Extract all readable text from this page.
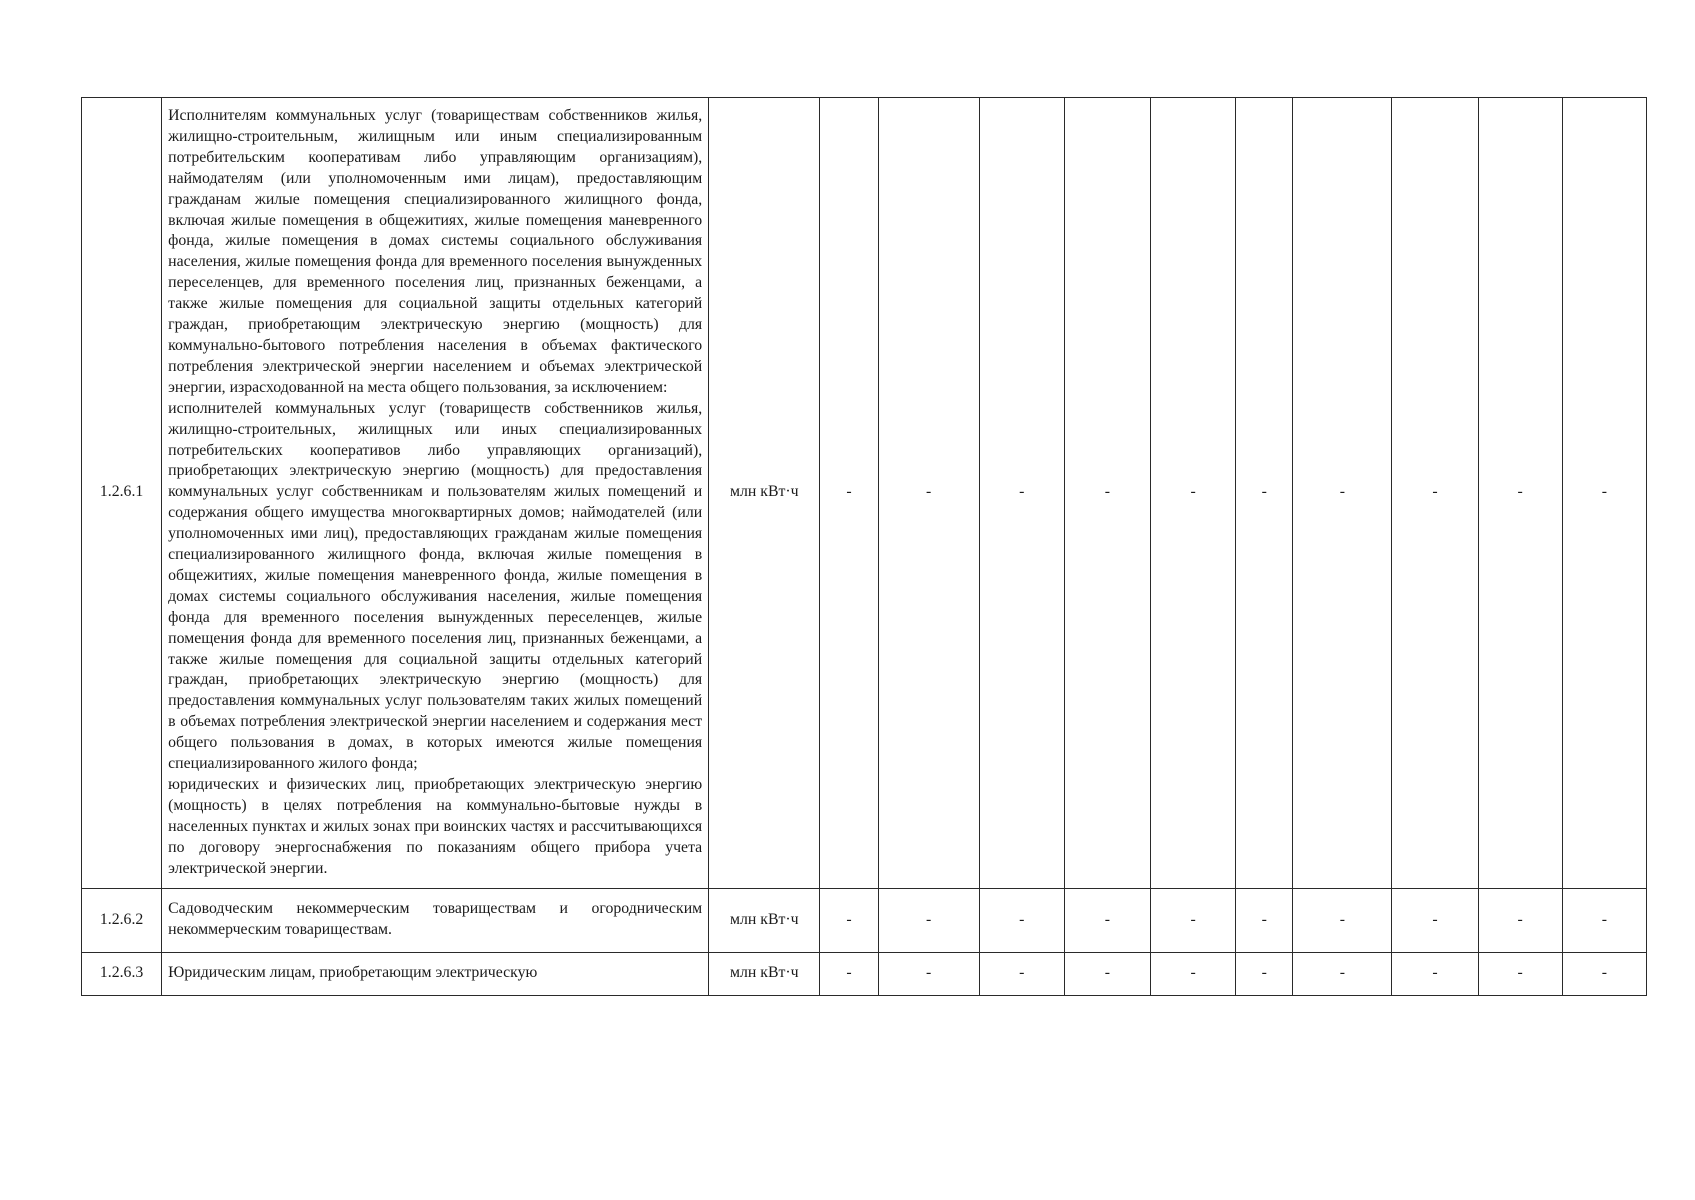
1.2.6.1	Исполнителям коммунальных услуг (товариществам собственников жилья, жилищно-строительным, жилищным или иным специализированным потребительским кооперативам либо управляющим организациям), наймодателям (или уполномоченным ими лицам), предоставляющим гражданам жилые помещения специализированного жилищного фонда, включая жилые помещения в общежитиях, жилые помещения маневренного фонда, жилые помещения в домах системы социального обслуживания населения, жилые помещения фонда для временного поселения вынужденных переселенцев, для временного поселения лиц, признанных беженцами, а также жилые помещения для социальной защиты отдельных категорий граждан, приобретающим электрическую энергию (мощность) для коммунально-бытового потребления населения в объемах фактического потребления электрической энергии населением и объемах электрической энергии, израсходованной на места общего пользования, за исключением:

исполнителей коммунальных услуг (товариществ собственников жилья, жилищно-строительных, жилищных или иных специализированных потребительских кооперативов либо управляющих организаций), приобретающих электрическую энергию (мощность) для предоставления коммунальных услуг собственникам и пользователям жилых помещений и содержания общего имущества многоквартирных домов; наймодателей (или уполномоченных ими лиц), предоставляющих гражданам жилые помещения специализированного жилищного фонда, включая жилые помещения в общежитиях, жилые помещения маневренного фонда, жилые помещения в домах системы социального обслуживания населения, жилые помещения фонда для временного поселения вынужденных переселенцев, жилые помещения фонда для временного поселения лиц, признанных беженцами, а также жилые помещения для социальной защиты отдельных категорий граждан, приобретающих электрическую энергию (мощность) для предоставления коммунальных услуг пользователям таких жилых помещений в объемах потребления электрической энергии населением и содержания мест общего пользования в домах, в которых имеются жилые помещения специализированного жилого фонда;

юридических и физических лиц, приобретающих электрическую энергию (мощность) в целях потребления на коммунально-бытовые нужды в населенных пунктах и жилых зонах при воинских частях и рассчитывающихся по договору энергоснабжения по показаниям общего прибора учета электрической энергии.	млн кВт·ч	-	-	-	-	-	-	-	-	-	-
1.2.6.2	Садоводческим некоммерческим товариществам и огородническим некоммерческим товариществам.	млн кВт·ч	-	-	-	-	-	-	-	-	-	-
1.2.6.3	Юридическим лицам, приобретающим электрическую	млн кВт·ч	-	-	-	-	-	-	-	-	-	-
